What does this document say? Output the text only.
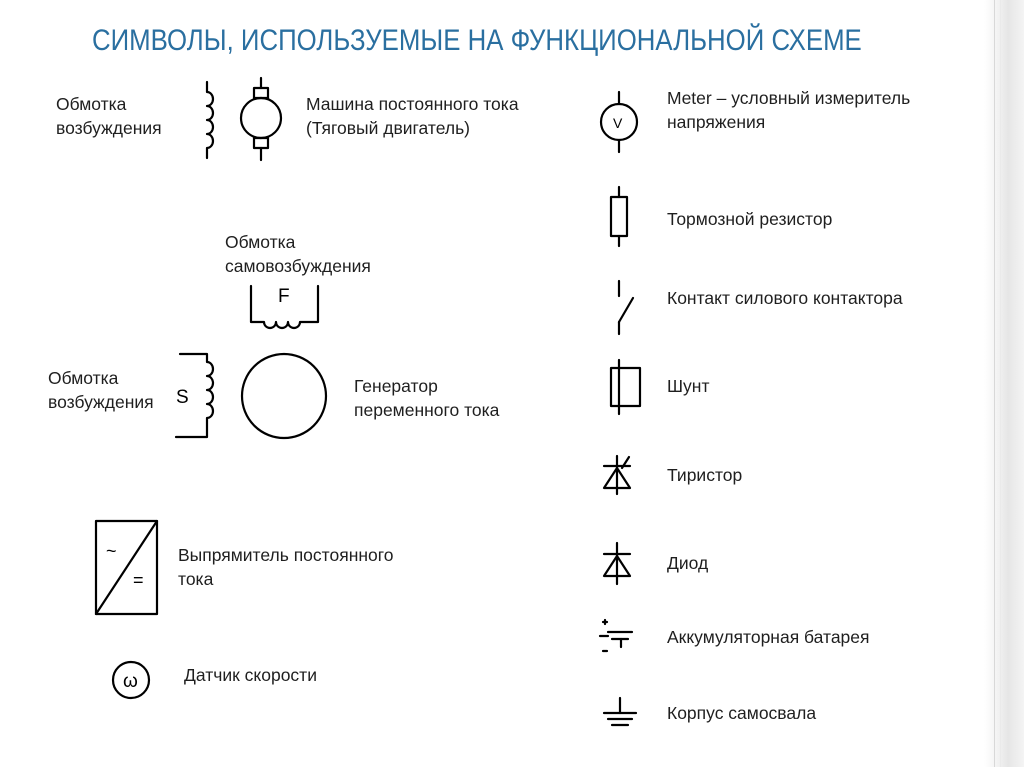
СИМВОЛЫ, ИСПОЛЬЗУЕМЫЕ НА ФУНКЦИОНАЛЬНОЙ СХЕМЕ
Обмотка
возбуждения
Машина постоянного тока
(Тяговый двигатель)
Обмотка
самовозбуждения
Обмотка
возбуждения
Генератор
переменного тока
Выпрямитель постоянного
тока
Датчик скорости
Meter – условный измеритель
напряжения
Тормозной резистор
Контакт силового контактора
Шунт
Тиристор
Диод
Аккумуляторная батарея
Корпус самосвала
F
S
~
=
ω
V
